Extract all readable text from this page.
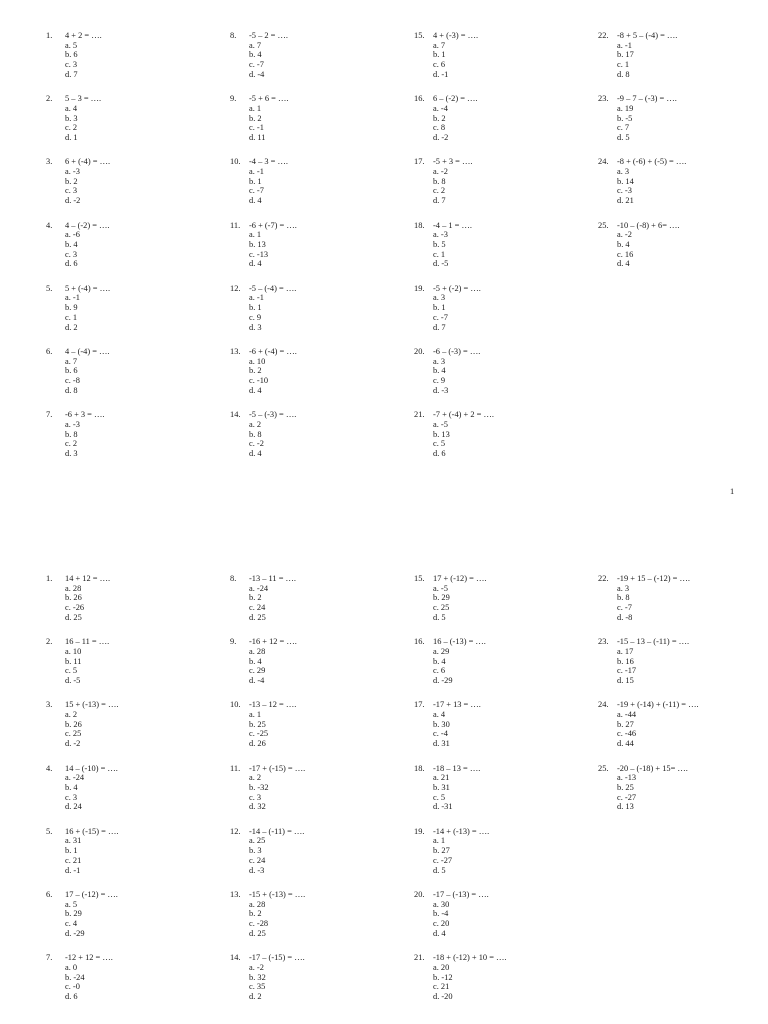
1.	4 + 2 = ….
a. 5
b. 6
c. 3
d. 7
2.	5 – 3 = ….
a. 4
b. 3
c. 2
d. 1
3.	6 + (-4) = ….
a. -3
b. 2
c. 3
d. -2
4.	4 – (-2) = ….
a. -6
b. 4
c. 3
d. 6
5.	5 + (-4) = ….
a. -1
b. 9
c. 1
d. 2
6.	4 – (-4) = ….
a. 7
b. 6
c. -8
d. 8
7.	-6 + 3 = ….
a. -3
b. 8
c. 2
d. 3
8.	-5 – 2 = ….
a. 7
b. 4
c. -7
d. -4
9.	-5 + 6 = ….
a. 1
b. 2
c. -1
d. 11
10.	-4 – 3 = ….
a. -1
b. 1
c. -7
d. 4
11.	-6 + (-7) = ….
a. 1
b. 13
c. -13
d. 4
12.	-5 – (-4) = ….
a. -1
b. 1
c. 9
d. 3
13.	-6 + (-4) = ….
a. 10
b. 2
c. -10
d. 4
14.	-5 – (-3) = ….
a. 2
b. 8
c. -2
d. 4
15.	4 + (-3) = ….
a. 7
b. 1
c. 6
d. -1
16.	6 – (-2) = ….
a. -4
b. 2
c. 8
d. -2
17.	-5 + 3 = ….
a. -2
b. 8
c. 2
d. 7
18.	-4 – 1 = ….
a. -3
b. 5
c. 1
d. -5
19.	-5 + (-2) = ….
a. 3
b. 1
c. -7
d. 7
20.	-6 – (-3) = ….
a. 3
b. 4
c. 9
d. -3
21.	-7 + (-4) + 2 = ….
a. -5
b. 13
c. 5
d. 6
22.	-8 + 5 – (-4) = ….
a. -1
b. 17
c. 1
d. 8
23.	-9 – 7 – (-3) = ….
a. 19
b. -5
c. 7
d. 5
24.	-8 + (-6) + (-5) = ….
a. 3
b. 14
c. -3
d. 21
25.	-10 – (-8) + 6= ….
a. -2
b. 4
c. 16
d. 4
1
1.	14 + 12 = ….
a. 28
b. 26
c. -26
d. 25
2.	16 – 11 = ….
a. 10
b. 11
c. 5
d. -5
3.	15 + (-13) = ….
a. 2
b. 26
c. 25
d. -2
4.	14 – (-10) = ….
a. -24
b. 4
c. 3
d. 24
5.	16 + (-15) = ….
a. 31
b. 1
c. 21
d. -1
6.	17 – (-12) = ….
a. 5
b. 29
c. 4
d. -29
7.	-12 + 12 = ….
a. 0
b. -24
c. -0
d. 6
8.	-13 – 11 = ….
a. -24
b. 2
c. 24
d. 25
9.	-16 + 12 = ….
a. 28
b. 4
c. 29
d. -4
10.	-13 – 12 = ….
a. 1
b. 25
c. -25
d. 26
11.	-17 + (-15) = ….
a. 2
b. -32
c. 3
d. 32
12.	-14 – (-11) = ….
a. 25
b. 3
c. 24
d. -3
13.	-15 + (-13) = ….
a. 28
b. 2
c. -28
d. 25
14.	-17 – (-15) = ….
a. -2
b. 32
c. 35
d. 2
15.	17 + (-12) = ….
a. -5
b. 29
c. 25
d. 5
16.	16 – (-13) = ….
a. 29
b. 4
c. 6
d. -29
17.	-17 + 13 = ….
a. 4
b. 30
c. -4
d. 31
18.	-18 – 13 = ….
a. 21
b. 31
c. 5
d. -31
19.	-14 + (-13) = ….
a. 1
b. 27
c. -27
d. 5
20.	-17 – (-13) = ….
a. 30
b. -4
c. 20
d. 4
21.	-18 + (-12) + 10 = ….
a. 20
b. -12
c. 21
d. -20
22.	-19 + 15 – (-12) = ….
a. 3
b. 8
c. -7
d. -8
23.	-15 – 13 – (-11) = ….
a. 17
b. 16
c. -17
d. 15
24.	-19 + (-14) + (-11) = ….
a. -44
b. 27
c. -46
d. 44
25.	-20 – (-18) + 15= ….
a. -13
b. 25
c. -27
d. 13
